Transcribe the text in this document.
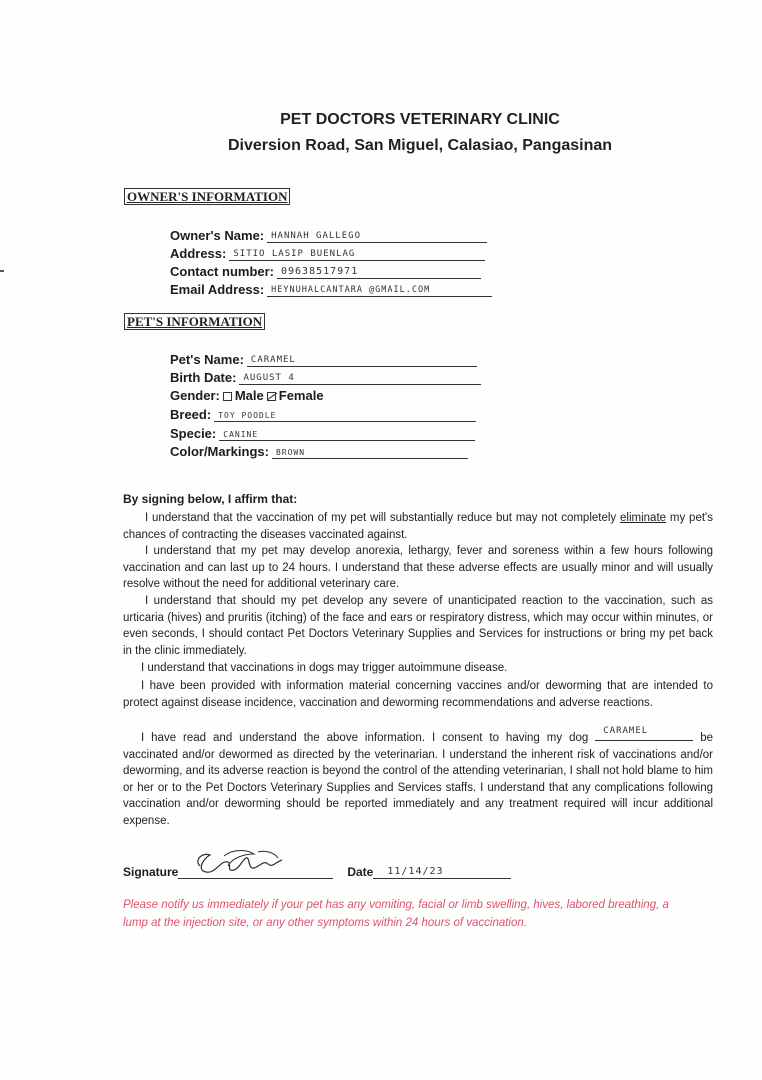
PET DOCTORS VETERINARY CLINIC
Diversion Road, San Miguel, Calasiao, Pangasinan
OWNER'S INFORMATION
Owner's Name: HANNAH GALLEGO
Address: SITIO LASIP BUENLAG
Contact number: 09638517971
Email Address: HEYNUHALCANTARA @GMAIL.COM
PET'S INFORMATION
Pet's Name: CARAMEL
Birth Date: AUGUST 4
Gender: Male Female
Breed: TOY POODLE
Specie: CANINE
Color/Markings: BROWN
By signing below, I affirm that:
I understand that the vaccination of my pet will substantially reduce but may not completely eliminate my pet's chances of contracting the diseases vaccinated against.
I understand that my pet may develop anorexia, lethargy, fever and soreness within a few hours following vaccination and can last up to 24 hours. I understand that these adverse effects are usually minor and will usually resolve without the need for additional veterinary care.
I understand that should my pet develop any severe of unanticipated reaction to the vaccination, such as urticaria (hives) and pruritis (itching) of the face and ears or respiratory distress, which may occur within minutes, or even seconds, I should contact Pet Doctors Veterinary Supplies and Services for instructions or bring my pet back in the clinic immediately.
I understand that vaccinations in dogs may trigger autoimmune disease.
I have been provided with information material concerning vaccines and/or deworming that are intended to protect against disease incidence, vaccination and deworming recommendations and adverse reactions.
I have read and understand the above information. I consent to having my dog
CARAMEL
be vaccinated and/or dewormed as directed by the veterinarian. I understand the inherent risk of vaccinations and/or deworming, and its adverse reaction is beyond the control of the attending veterinarian, I shall not hold blame to him or her or to the Pet Doctors Veterinary Supplies and Services staffs. I understand that any complications following vaccination and/or deworming should be reported immediately and any treatment required will incur additional expense.
Signature	Date 11/14/23
Please notify us immediately if your pet has any vomiting, facial or limb swelling, hives, labored breathing, a lump at the injection site, or any other symptoms within 24 hours of vaccination.
